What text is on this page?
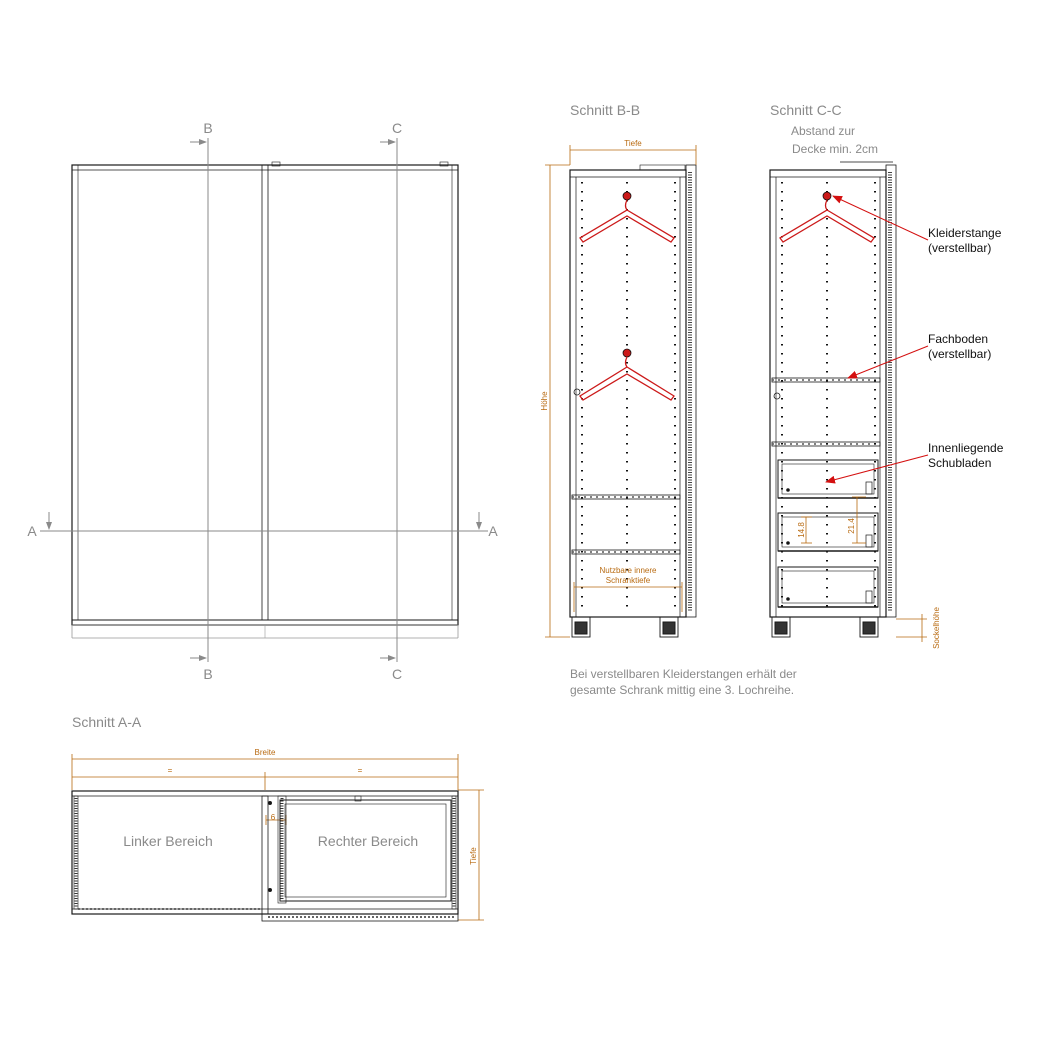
B	C
B	C
A	A
Schnitt B-B
Tiefe
Höhe
Nutzbare innere
Schranktiefe
Schnitt C-C
Abstand zur
Decke min. 2cm
14.8	21.4
Sockelhöhe
Kleiderstange
(verstellbar)
Fachboden
(verstellbar)
Innenliegende
Schubladen
Bei verstellbaren Kleiderstangen erhält der
gesamte Schrank mittig eine 3. Lochreihe.
Schnitt A-A
Breite
=	=
6
Tiefe
Linker Bereich	Rechter Bereich
